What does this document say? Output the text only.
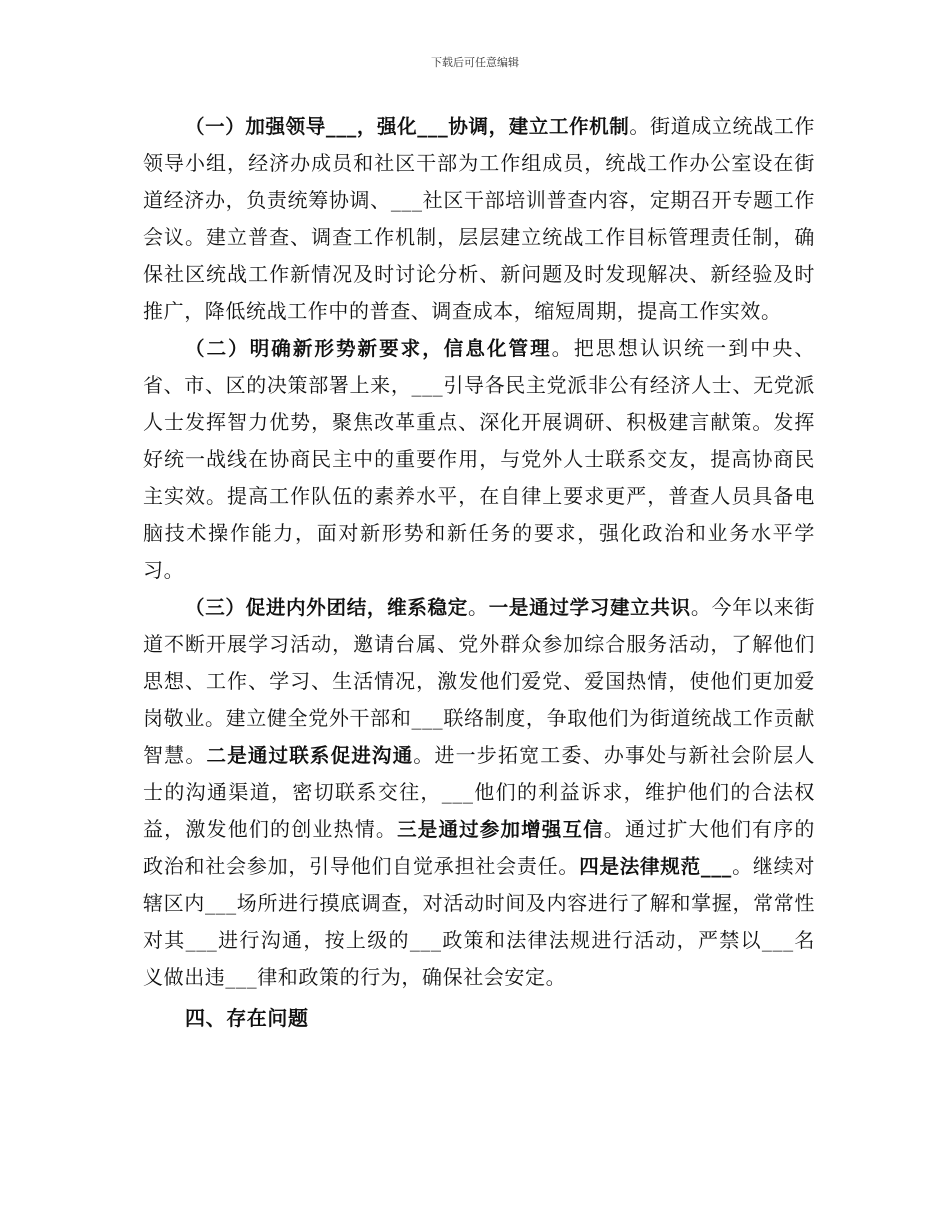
下载后可任意编辑

（一）加强领导___，强化___协调，建立工作机制。街道成立统战工作领导小组，经济办成员和社区干部为工作组成员，统战工作办公室设在街道经济办，负责统筹协调、___社区干部培训普查内容，定期召开专题工作会议。建立普查、调查工作机制，层层建立统战工作目标管理责任制，确保社区统战工作新情况及时讨论分析、新问题及时发现解决、新经验及时推广，降低统战工作中的普查、调查成本，缩短周期，提高工作实效。

（二）明确新形势新要求，信息化管理。把思想认识统一到中央、省、市、区的决策部署上来，___引导各民主党派非公有经济人士、无党派人士发挥智力优势，聚焦改革重点、深化开展调研、积极建言献策。发挥好统一战线在协商民主中的重要作用，与党外人士联系交友，提高协商民主实效。提高工作队伍的素养水平，在自律上要求更严，普查人员具备电脑技术操作能力，面对新形势和新任务的要求，强化政治和业务水平学习。

（三）促进内外团结，维系稳定。一是通过学习建立共识。今年以来街道不断开展学习活动，邀请台属、党外群众参加综合服务活动，了解他们思想、工作、学习、生活情况，激发他们爱党、爱国热情，使他们更加爱岗敬业。建立健全党外干部和___联络制度，争取他们为街道统战工作贡献智慧。二是通过联系促进沟通。进一步拓宽工委、办事处与新社会阶层人士的沟通渠道，密切联系交往，___他们的利益诉求，维护他们的合法权益，激发他们的创业热情。三是通过参加增强互信。通过扩大他们有序的政治和社会参加，引导他们自觉承担社会责任。四是法律规范___。继续对辖区内___场所进行摸底调查，对活动时间及内容进行了解和掌握，常常性对其___进行沟通，按上级的___政策和法律法规进行活动，严禁以___名义做出违___律和政策的行为，确保社会安定。

四、存在问题
